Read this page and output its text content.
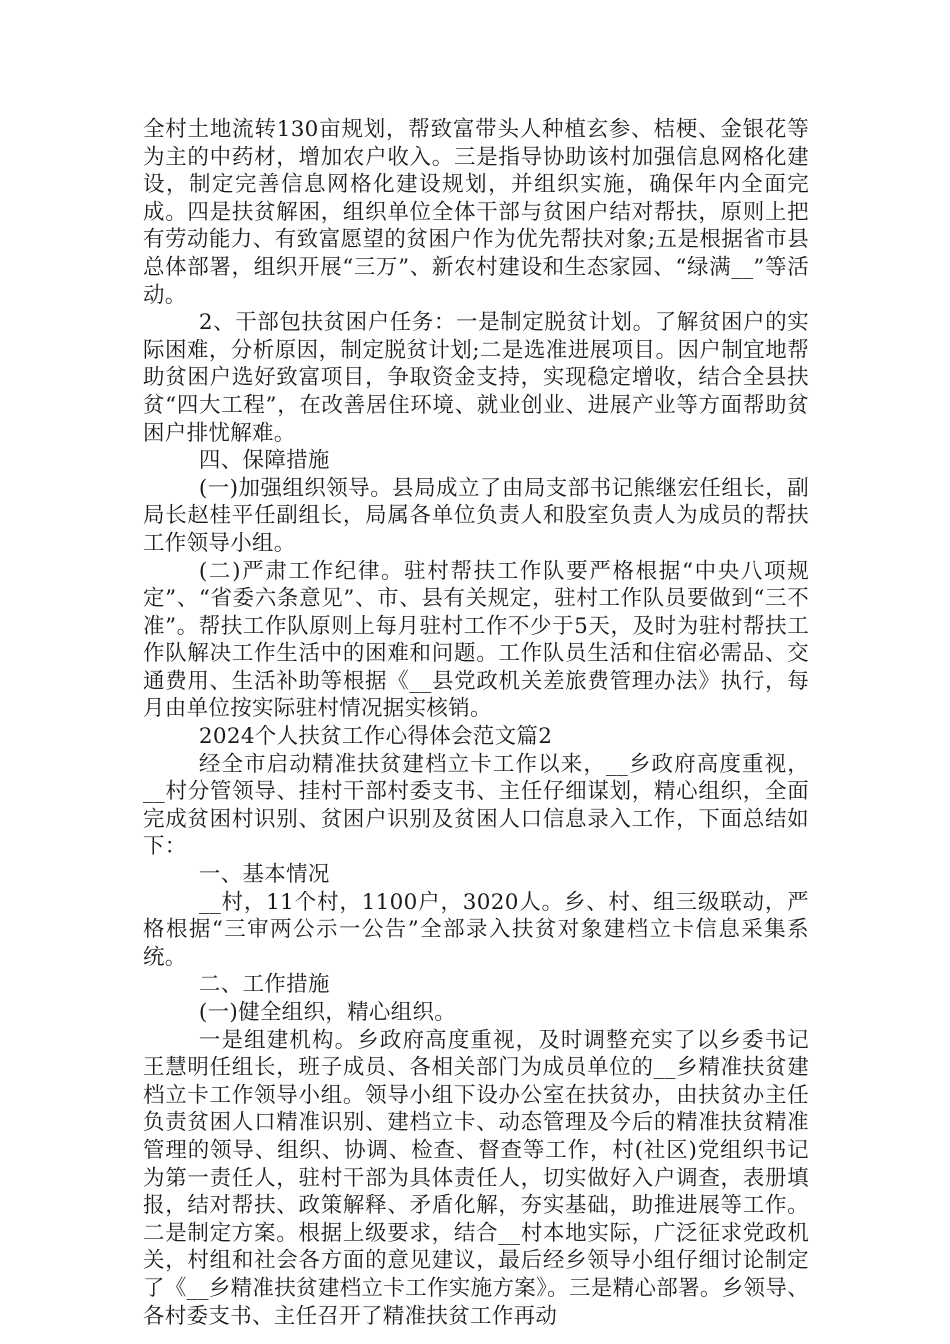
全村土地流转130亩规划，帮致富带头人种植玄参、桔梗、金银花等为主的中药材，增加农户收入。三是指导协助该村加强信息网格化建设，制定完善信息网格化建设规划，并组织实施，确保年内全面完成。四是扶贫解困，组织单位全体干部与贫困户结对帮扶，原则上把有劳动能力、有致富愿望的贫困户作为优先帮扶对象;五是根据省市县总体部署，组织开展“三万”、新农村建设和生态家园、“绿满__”等活动。

2、干部包扶贫困户任务：一是制定脱贫计划。了解贫困户的实际困难，分析原因，制定脱贫计划;二是选准进展项目。因户制宜地帮助贫困户选好致富项目，争取资金支持，实现稳定增收，结合全县扶贫“四大工程”，在改善居住环境、就业创业、进展产业等方面帮助贫困户排忧解难。

四、保障措施

(一)加强组织领导。县局成立了由局支部书记熊继宏任组长，副局长赵桂平任副组长，局属各单位负责人和股室负责人为成员的帮扶工作领导小组。

(二)严肃工作纪律。驻村帮扶工作队要严格根据“中央八项规定”、“省委六条意见”、市、县有关规定，驻村工作队员要做到“三不准”。帮扶工作队原则上每月驻村工作不少于5天，及时为驻村帮扶工作队解决工作生活中的困难和问题。工作队员生活和住宿必需品、交通费用、生活补助等根据《__县党政机关差旅费管理办法》执行，每月由单位按实际驻村情况据实核销。

2024个人扶贫工作心得体会范文篇2

经全市启动精准扶贫建档立卡工作以来，__乡政府高度重视，__村分管领导、挂村干部村委支书、主任仔细谋划，精心组织，全面完成贫困村识别、贫困户识别及贫困人口信息录入工作，下面总结如下：

一、基本情况

__村，11个村，1100户，3020人。乡、村、组三级联动，严格根据“三审两公示一公告”全部录入扶贫对象建档立卡信息采集系统。

二、工作措施

(一)健全组织，精心组织。

一是组建机构。乡政府高度重视，及时调整充实了以乡委书记王慧明任组长，班子成员、各相关部门为成员单位的__乡精准扶贫建档立卡工作领导小组。领导小组下设办公室在扶贫办，由扶贫办主任负责贫困人口精准识别、建档立卡、动态管理及今后的精准扶贫精准管理的领导、组织、协调、检查、督查等工作，村(社区)党组织书记为第一责任人，驻村干部为具体责任人，切实做好入户调查，表册填报，结对帮扶、政策解释、矛盾化解，夯实基础，助推进展等工作。二是制定方案。根据上级要求，结合__村本地实际，广泛征求党政机关，村组和社会各方面的意见建议，最后经乡领导小组仔细讨论制定了《__乡精准扶贫建档立卡工作实施方案》。三是精心部署。乡领导、各村委支书、主任召开了精准扶贫工作再动
